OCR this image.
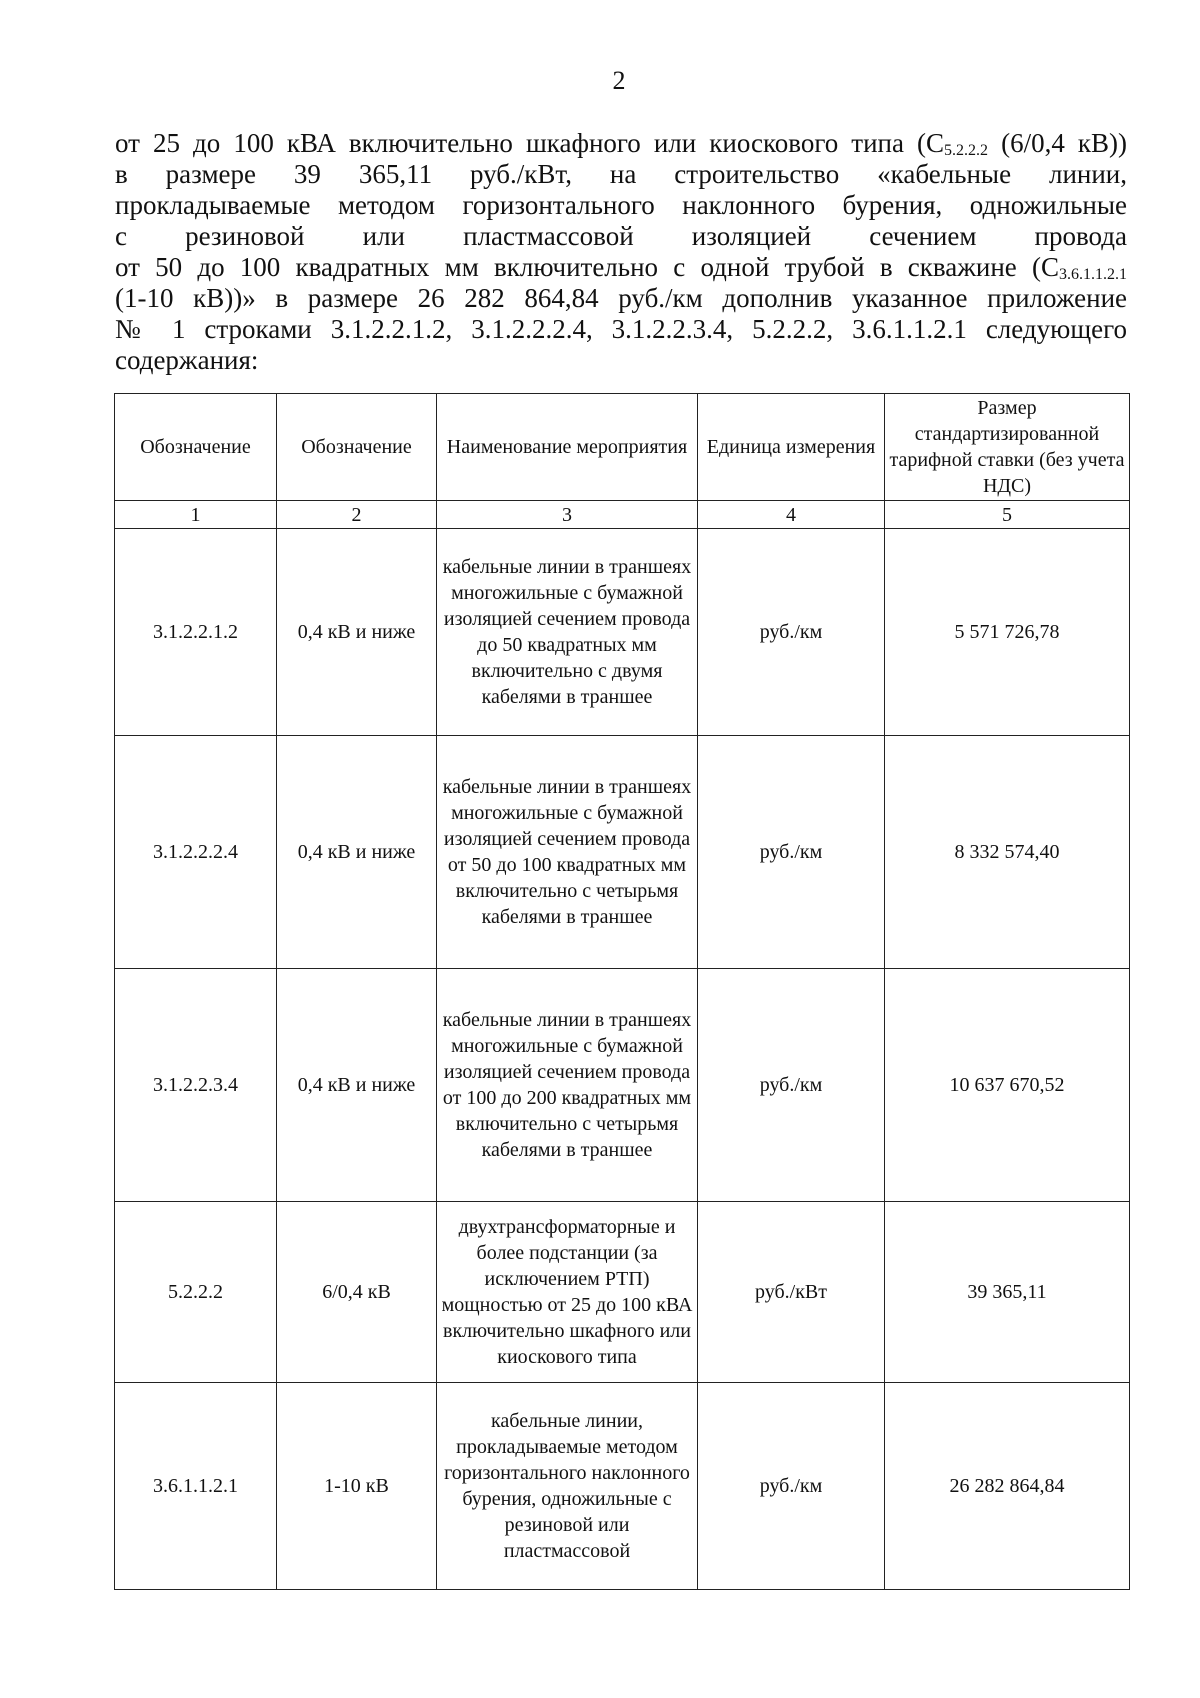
2

от 25 до 100 кВА включительно шкафного или киоскового типа ($С_{5.2.2.2}$ (6/0,4 кВ))

в размере 39 365,11 руб./кВт, на строительство «кабельные линии,

прокладываемые методом горизонтального наклонного бурения, одножильные

с резиновой или пластмассовой изоляцией сечением провода

от 50 до 100 квадратных мм включительно с одной трубой в скважине ($С_{3.6.1.1.2.1}$

(1-10 кВ))» в размере 26 282 864,84 руб./км дополнив указанное приложение

№ 1 строками 3.1.2.2.1.2, 3.1.2.2.2.4, 3.1.2.2.3.4, 5.2.2.2, 3.6.1.1.2.1 следующего

содержания:

Обозначение	Обозначение	Наименование мероприятия	Единица измерения	Размер стандартизированной тарифной ставки (без учета НДС)
1	2	3	4	5
3.1.2.2.1.2	0,4 кВ и ниже	кабельные линии в траншеях многожильные с бумажной изоляцией сечением провода до 50 квадратных мм включительно с двумя кабелями в траншее	руб./км	5 571 726,78
3.1.2.2.2.4	0,4 кВ и ниже	кабельные линии в траншеях многожильные с бумажной изоляцией сечением провода от 50 до 100 квадратных мм включительно с четырьмя кабелями в траншее	руб./км	8 332 574,40
3.1.2.2.3.4	0,4 кВ и ниже	кабельные линии в траншеях многожильные с бумажной изоляцией сечением провода от 100 до 200 квадратных мм включительно с четырьмя кабелями в траншее	руб./км	10 637 670,52
5.2.2.2	6/0,4 кВ	двухтрансформаторные и более подстанции (за исключением РТП) мощностью от 25 до 100 кВА включительно шкафного или киоскового типа	руб./кВт	39 365,11
3.6.1.1.2.1	1-10 кВ	кабельные линии, прокладываемые методом горизонтального наклонного бурения, одножильные с резиновой или пластмассовой	руб./км	26 282 864,84
